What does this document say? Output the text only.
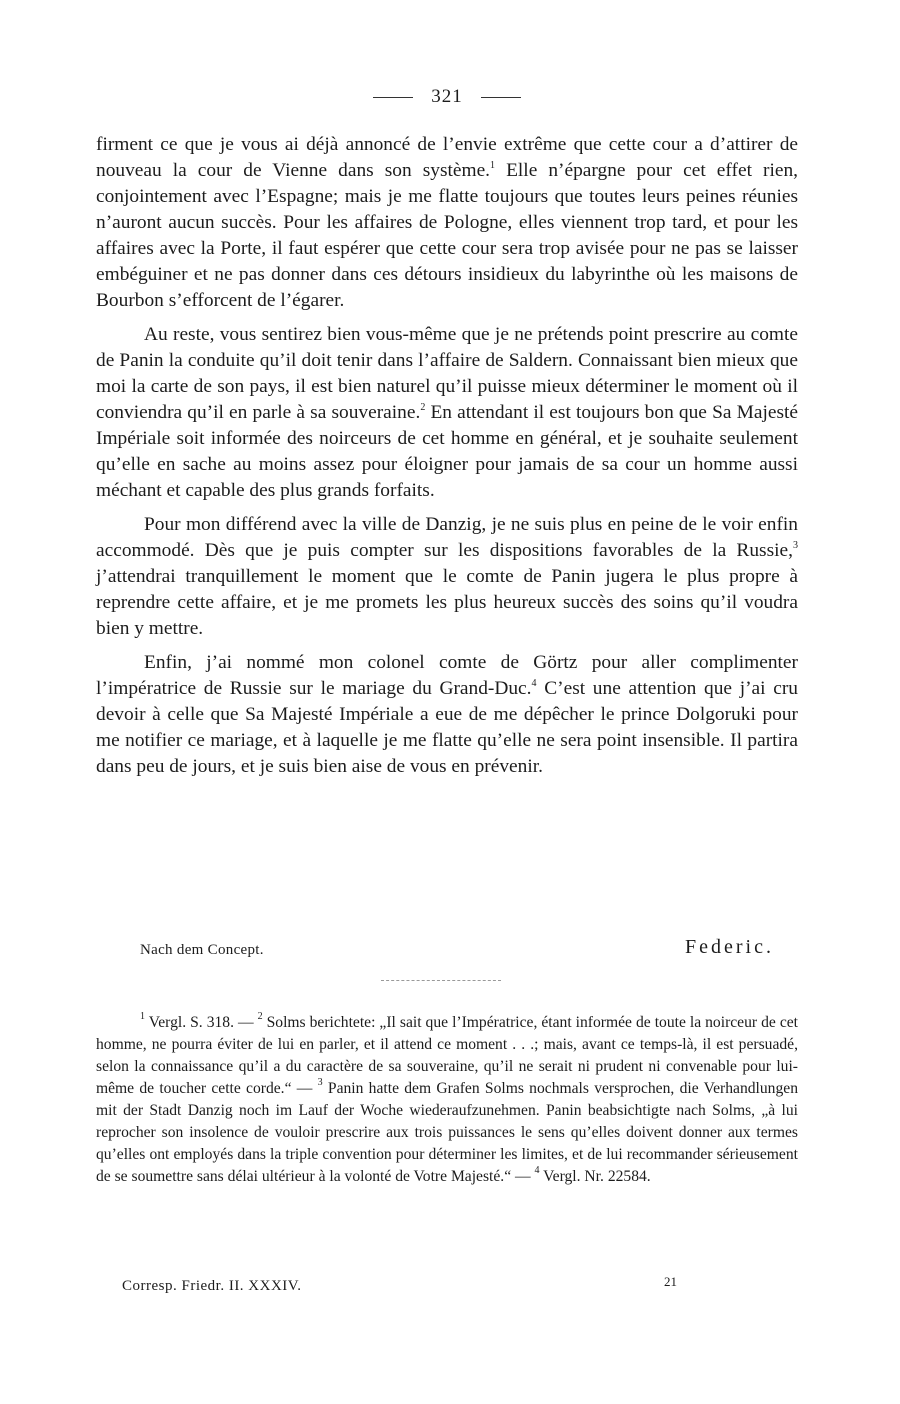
321

firment ce que je vous ai déjà annoncé de l’envie extrême que cette cour a d’attirer de nouveau la cour de Vienne dans son système.$^1$ Elle n’épargne pour cet effet rien, conjointement avec l’Espagne; mais je me flatte toujours que toutes leurs peines réunies n’auront aucun succès. Pour les affaires de Pologne, elles viennent trop tard, et pour les affaires avec la Porte, il faut espérer que cette cour sera trop avisée pour ne pas se laisser embéguiner et ne pas donner dans ces détours insidieux du labyrinthe où les maisons de Bourbon s’efforcent de l’égarer.

Au reste, vous sentirez bien vous-même que je ne prétends point prescrire au comte de Panin la conduite qu’il doit tenir dans l’affaire de Saldern. Connaissant bien mieux que moi la carte de son pays, il est bien naturel qu’il puisse mieux déterminer le moment où il conviendra qu’il en parle à sa souveraine.$^2$ En attendant il est toujours bon que Sa Majesté Impériale soit informée des noirceurs de cet homme en général, et je souhaite seulement qu’elle en sache au moins assez pour éloigner pour jamais de sa cour un homme aussi méchant et capable des plus grands forfaits.

Pour mon différend avec la ville de Danzig, je ne suis plus en peine de le voir enfin accommodé. Dès que je puis compter sur les dispositions favorables de la Russie,$^3$ j’attendrai tranquillement le moment que le comte de Panin jugera le plus propre à reprendre cette affaire, et je me promets les plus heureux succès des soins qu’il voudra bien y mettre.

Enfin, j’ai nommé mon colonel comte de Görtz pour aller complimenter l’impératrice de Russie sur le mariage du Grand-Duc.$^4$ C’est une attention que j’ai cru devoir à celle que Sa Majesté Impériale a eue de me dépêcher le prince Dolgoruki pour me notifier ce mariage, et à laquelle je me flatte qu’elle ne sera point insensible. Il partira dans peu de jours, et je suis bien aise de vous en prévenir.

Nach dem Concept.	Federic.

$^1$ Vergl. S. 318. — $^2$ Solms berichtete: „Il sait que l’Impératrice, étant informée de toute la noirceur de cet homme, ne pourra éviter de lui en parler, et il attend ce moment . . .; mais, avant ce temps-là, il est persuadé, selon la connaissance qu’il a du caractère de sa souveraine, qu’il ne serait ni prudent ni convenable pour lui-même de toucher cette corde.“ — $^3$ Panin hatte dem Grafen Solms nochmals versprochen, die Verhandlungen mit der Stadt Danzig noch im Lauf der Woche wiederaufzunehmen. Panin beabsichtigte nach Solms, „à lui reprocher son insolence de vouloir prescrire aux trois puissances le sens qu’elles doivent donner aux termes qu’elles ont employés dans la triple convention pour déterminer les limites, et de lui recommander sérieusement de se soumettre sans délai ultérieur à la volonté de Votre Majesté.“ — $^4$ Vergl. Nr. 22584.

Corresp. Friedr. II. XXXIV.	21
